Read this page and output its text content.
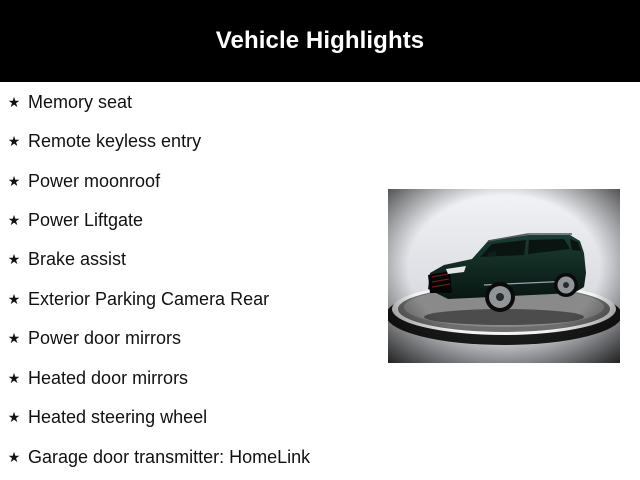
Vehicle Highlights
★ Memory seat
★ Remote keyless entry
★ Power moonroof
★ Power Liftgate
★ Brake assist
★ Exterior Parking Camera Rear
★ Power door mirrors
★ Heated door mirrors
★ Heated steering wheel
★ Garage door transmitter: HomeLink
